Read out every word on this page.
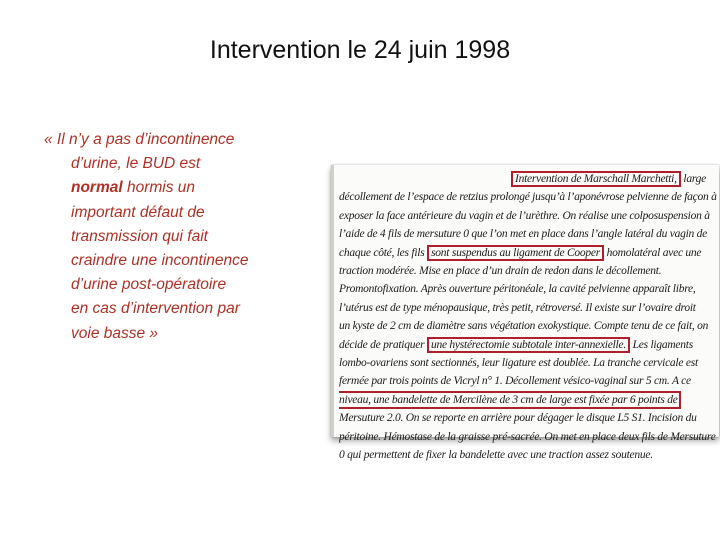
Intervention le 24 juin 1998
« Il n’y a pas d’incontinence
d’urine, le BUD est
normal hormis un
important défaut de
transmission qui fait
craindre une incontinence
d’urine post-opératoire
en cas d’intervention par
voie basse »
Intervention de Marschall Marchetti, large
décollement de l’espace de retzius prolongé jusqu’à l’aponévrose pelvienne de façon à
exposer la face antérieure du vagin et de l’urèthre. On réalise une colposuspension à
l’aide de 4 fils de mersuture 0 que l’on met en place dans l’angle latéral du vagin de
chaque côté, les fils sont suspendus au ligament de Cooper homolatéral avec une
traction modérée. Mise en place d’un drain de redon dans le décollement.
Promontofixation. Après ouverture péritonéale, la cavité pelvienne apparaît libre,
l’utérus est de type ménopausique, très petit, rétroversé. Il existe sur l’ovaire droit
un kyste de 2 cm de diamètre sans végétation exokystique. Compte tenu de ce fait, on
décide de pratiquer une hystérectomie subtotale inter-annexielle. Les ligaments
lombo-ovariens sont sectionnés, leur ligature est doublée. La tranche cervicale est
fermée par trois points de Vicryl n° 1. Décollement vésico-vaginal sur 5 cm. A ce
niveau, une bandelette de Mercilène de 3 cm de large est fixée par 6 points de
Mersuture 2.0. On se reporte en arrière pour dégager le disque L5 S1. Incision du
péritoine. Hémostase de la graisse pré-sacrée. On met en place deux fils de Mersuture
0 qui permettent de fixer la bandelette avec une traction assez soutenue.
